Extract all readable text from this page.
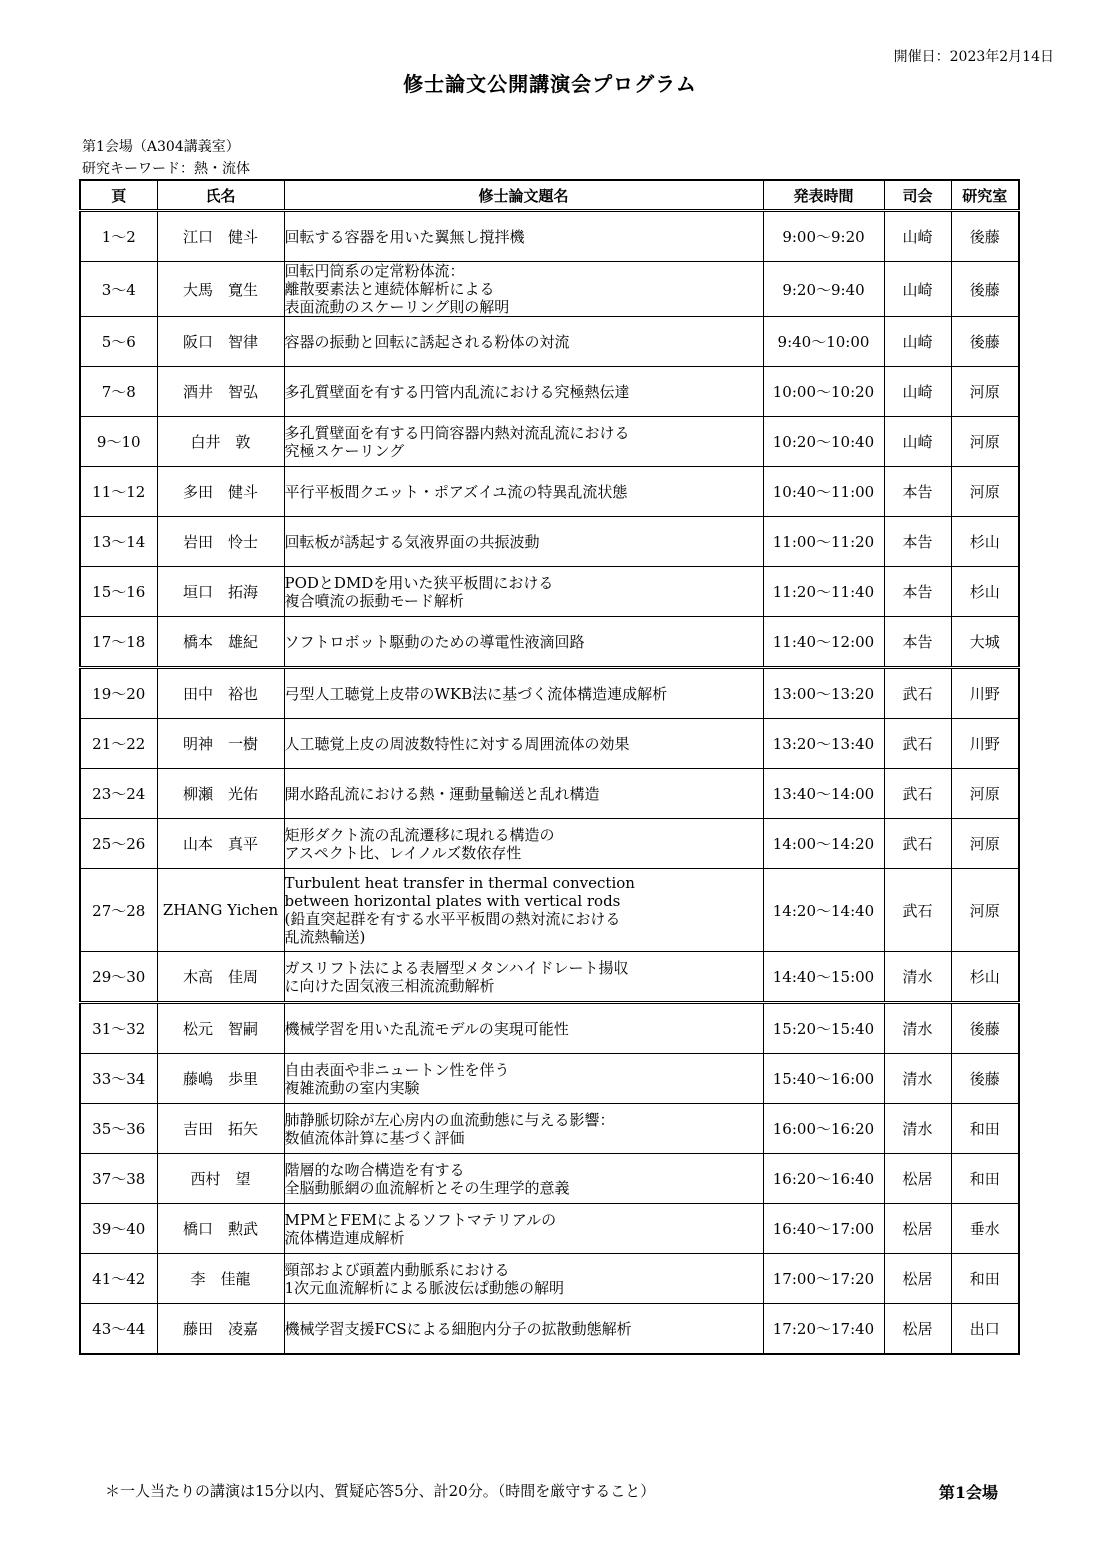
開催日：2023年2月14日
修士論文公開講演会プログラム
第1会場（A304講義室）
研究キーワード：熱・流体
頁	氏名	修士論文題名	発表時間	司会	研究室
1～2	江口　健斗	回転する容器を用いた翼無し撹拌機	9:00～9:20	山崎	後藤
3～4	大馬　寛生	回転円筒系の定常粉体流：
離散要素法と連続体解析による
表面流動のスケーリング則の解明	9:20～9:40	山崎	後藤
5～6	阪口　智律	容器の振動と回転に誘起される粉体の対流	9:40～10:00	山崎	後藤
7～8	酒井　智弘	多孔質壁面を有する円管内乱流における究極熱伝達	10:00～10:20	山崎	河原
9～10	白井　敦	多孔質壁面を有する円筒容器内熱対流乱流における
究極スケーリング	10:20～10:40	山崎	河原
11～12	多田　健斗	平行平板間クエット・ポアズイユ流の特異乱流状態	10:40～11:00	本告	河原
13～14	岩田　怜士	回転板が誘起する気液界面の共振波動	11:00～11:20	本告	杉山
15～16	垣口　拓海	PODとDMDを用いた狭平板間における
複合噴流の振動モード解析	11:20～11:40	本告	杉山
17～18	橋本　雄紀	ソフトロボット駆動のための導電性液滴回路	11:40～12:00	本告	大城
19～20	田中　裕也	弓型人工聴覚上皮帯のWKB法に基づく流体構造連成解析	13:00～13:20	武石	川野
21～22	明神　一樹	人工聴覚上皮の周波数特性に対する周囲流体の効果	13:20～13:40	武石	川野
23～24	柳瀬　光佑	開水路乱流における熱・運動量輸送と乱れ構造	13:40～14:00	武石	河原
25～26	山本　真平	矩形ダクト流の乱流遷移に現れる構造の
アスペクト比、レイノルズ数依存性	14:00～14:20	武石	河原
27～28	ZHANG Yichen	Turbulent heat transfer in thermal convection
between horizontal plates with vertical rods
(鉛直突起群を有する水平平板間の熱対流における
乱流熱輸送)	14:20～14:40	武石	河原
29～30	木高　佳周	ガスリフト法による表層型メタンハイドレート揚収
に向けた固気液三相流流動解析	14:40～15:00	清水	杉山
31～32	松元　智嗣	機械学習を用いた乱流モデルの実現可能性	15:20～15:40	清水	後藤
33～34	藤嶋　歩里	自由表面や非ニュートン性を伴う
複雑流動の室内実験	15:40～16:00	清水	後藤
35～36	吉田　拓矢	肺静脈切除が左心房内の血流動態に与える影響：
数値流体計算に基づく評価	16:00～16:20	清水	和田
37～38	西村　望	階層的な吻合構造を有する
全脳動脈網の血流解析とその生理学的意義	16:20～16:40	松居	和田
39～40	橋口　勲武	MPMとFEMによるソフトマテリアルの
流体構造連成解析	16:40～17:00	松居	垂水
41～42	李　佳龍	頸部および頭蓋内動脈系における
1次元血流解析による脈波伝ぱ動態の解明	17:00～17:20	松居	和田
43～44	藤田　凌嘉	機械学習支援FCSによる細胞内分子の拡散動態解析	17:20～17:40	松居	出口
＊一人当たりの講演は15分以内、質疑応答5分、計20分。（時間を厳守すること）	第1会場
